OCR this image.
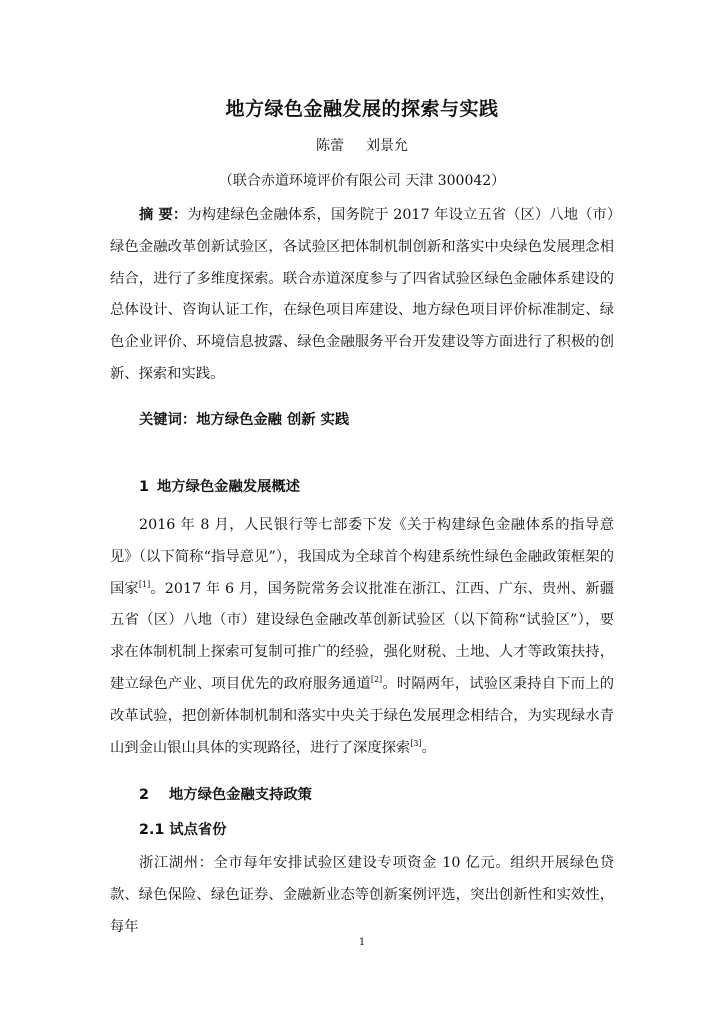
地方绿色金融发展的探索与实践
陈蕾 刘景允
（联合赤道环境评价有限公司 天津 300042）

摘 要：为构建绿色金融体系，国务院于 2017 年设立五省（区）八地（市）绿色金融改革创新试验区，各试验区把体制机制创新和落实中央绿色发展理念相结合，进行了多维度探索。联合赤道深度参与了四省试验区绿色金融体系建设的总体设计、咨询认证工作，在绿色项目库建设、地方绿色项目评价标准制定、绿色企业评价、环境信息披露、绿色金融服务平台开发建设等方面进行了积极的创新、探索和实践。

关键词：地方绿色金融 创新 实践

1 地方绿色金融发展概述

2016 年 8 月，人民银行等七部委下发《关于构建绿色金融体系的指导意见》（以下简称“指导意见”），我国成为全球首个构建系统性绿色金融政策框架的国家[1]。2017 年 6 月，国务院常务会议批准在浙江、江西、广东、贵州、新疆五省（区）八地（市）建设绿色金融改革创新试验区（以下简称“试验区”），要求在体制机制上探索可复制可推广的经验，强化财税、土地、人才等政策扶持，建立绿色产业、项目优先的政府服务通道[2]。时隔两年，试验区秉持自下而上的改革试验，把创新体制机制和落实中央关于绿色发展理念相结合，为实现绿水青山到金山银山具体的实现路径，进行了深度探索[3]。

2 地方绿色金融支持政策
2.1 试点省份

浙江湖州：全市每年安排试验区建设专项资金 10 亿元。组织开展绿色贷款、绿色保险、绿色证券、金融新业态等创新案例评选，突出创新性和实效性，每年

1
